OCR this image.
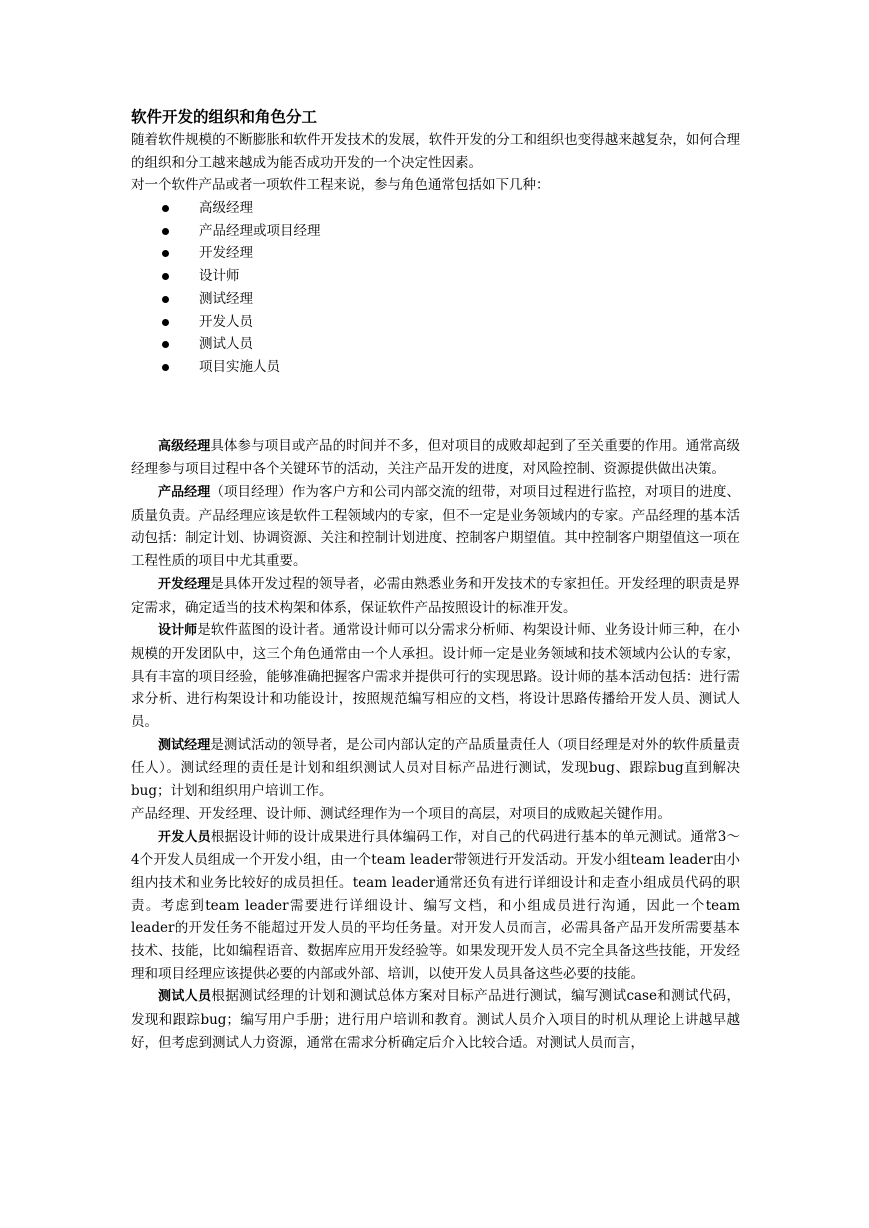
软件开发的组织和角色分工

随着软件规模的不断膨胀和软件开发技术的发展，软件开发的分工和组织也变得越来越复杂，如何合理的组织和分工越来越成为能否成功开发的一个决定性因素。

对一个软件产品或者一项软件工程来说，参与角色通常包括如下几种：

高级经理
产品经理或项目经理
开发经理
设计师
测试经理
开发人员
测试人员
项目实施人员

高级经理具体参与项目或产品的时间并不多，但对项目的成败却起到了至关重要的作用。通常高级经理参与项目过程中各个关键环节的活动，关注产品开发的进度，对风险控制、资源提供做出决策。

产品经理（项目经理）作为客户方和公司内部交流的纽带，对项目过程进行监控，对项目的进度、质量负责。产品经理应该是软件工程领域内的专家，但不一定是业务领域内的专家。产品经理的基本活动包括：制定计划、协调资源、关注和控制计划进度、控制客户期望值。其中控制客户期望值这一项在工程性质的项目中尤其重要。

开发经理是具体开发过程的领导者，必需由熟悉业务和开发技术的专家担任。开发经理的职责是界定需求，确定适当的技术构架和体系，保证软件产品按照设计的标准开发。

设计师是软件蓝图的设计者。通常设计师可以分需求分析师、构架设计师、业务设计师三种，在小规模的开发团队中，这三个角色通常由一个人承担。设计师一定是业务领域和技术领域内公认的专家，具有丰富的项目经验，能够准确把握客户需求并提供可行的实现思路。设计师的基本活动包括：进行需求分析、进行构架设计和功能设计，按照规范编写相应的文档，将设计思路传播给开发人员、测试人员。

测试经理是测试活动的领导者，是公司内部认定的产品质量责任人（项目经理是对外的软件质量责任人）。测试经理的责任是计划和组织测试人员对目标产品进行测试，发现bug、跟踪bug直到解决bug；计划和组织用户培训工作。

产品经理、开发经理、设计师、测试经理作为一个项目的高层，对项目的成败起关键作用。

开发人员根据设计师的设计成果进行具体编码工作，对自己的代码进行基本的单元测试。通常3～4个开发人员组成一个开发小组，由一个team leader带领进行开发活动。开发小组team leader由小组内技术和业务比较好的成员担任。team leader通常还负有进行详细设计和走查小组成员代码的职责。考虑到team leader需要进行详细设计、编写文档，和小组成员进行沟通，因此一个team leader的开发任务不能超过开发人员的平均任务量。对开发人员而言，必需具备产品开发所需要基本技术、技能，比如编程语音、数据库应用开发经验等。如果发现开发人员不完全具备这些技能，开发经理和项目经理应该提供必要的内部或外部、培训，以使开发人员具备这些必要的技能。

测试人员根据测试经理的计划和测试总体方案对目标产品进行测试，编写测试case和测试代码，发现和跟踪bug；编写用户手册；进行用户培训和教育。测试人员介入项目的时机从理论上讲越早越好，但考虑到测试人力资源，通常在需求分析确定后介入比较合适。对测试人员而言，
